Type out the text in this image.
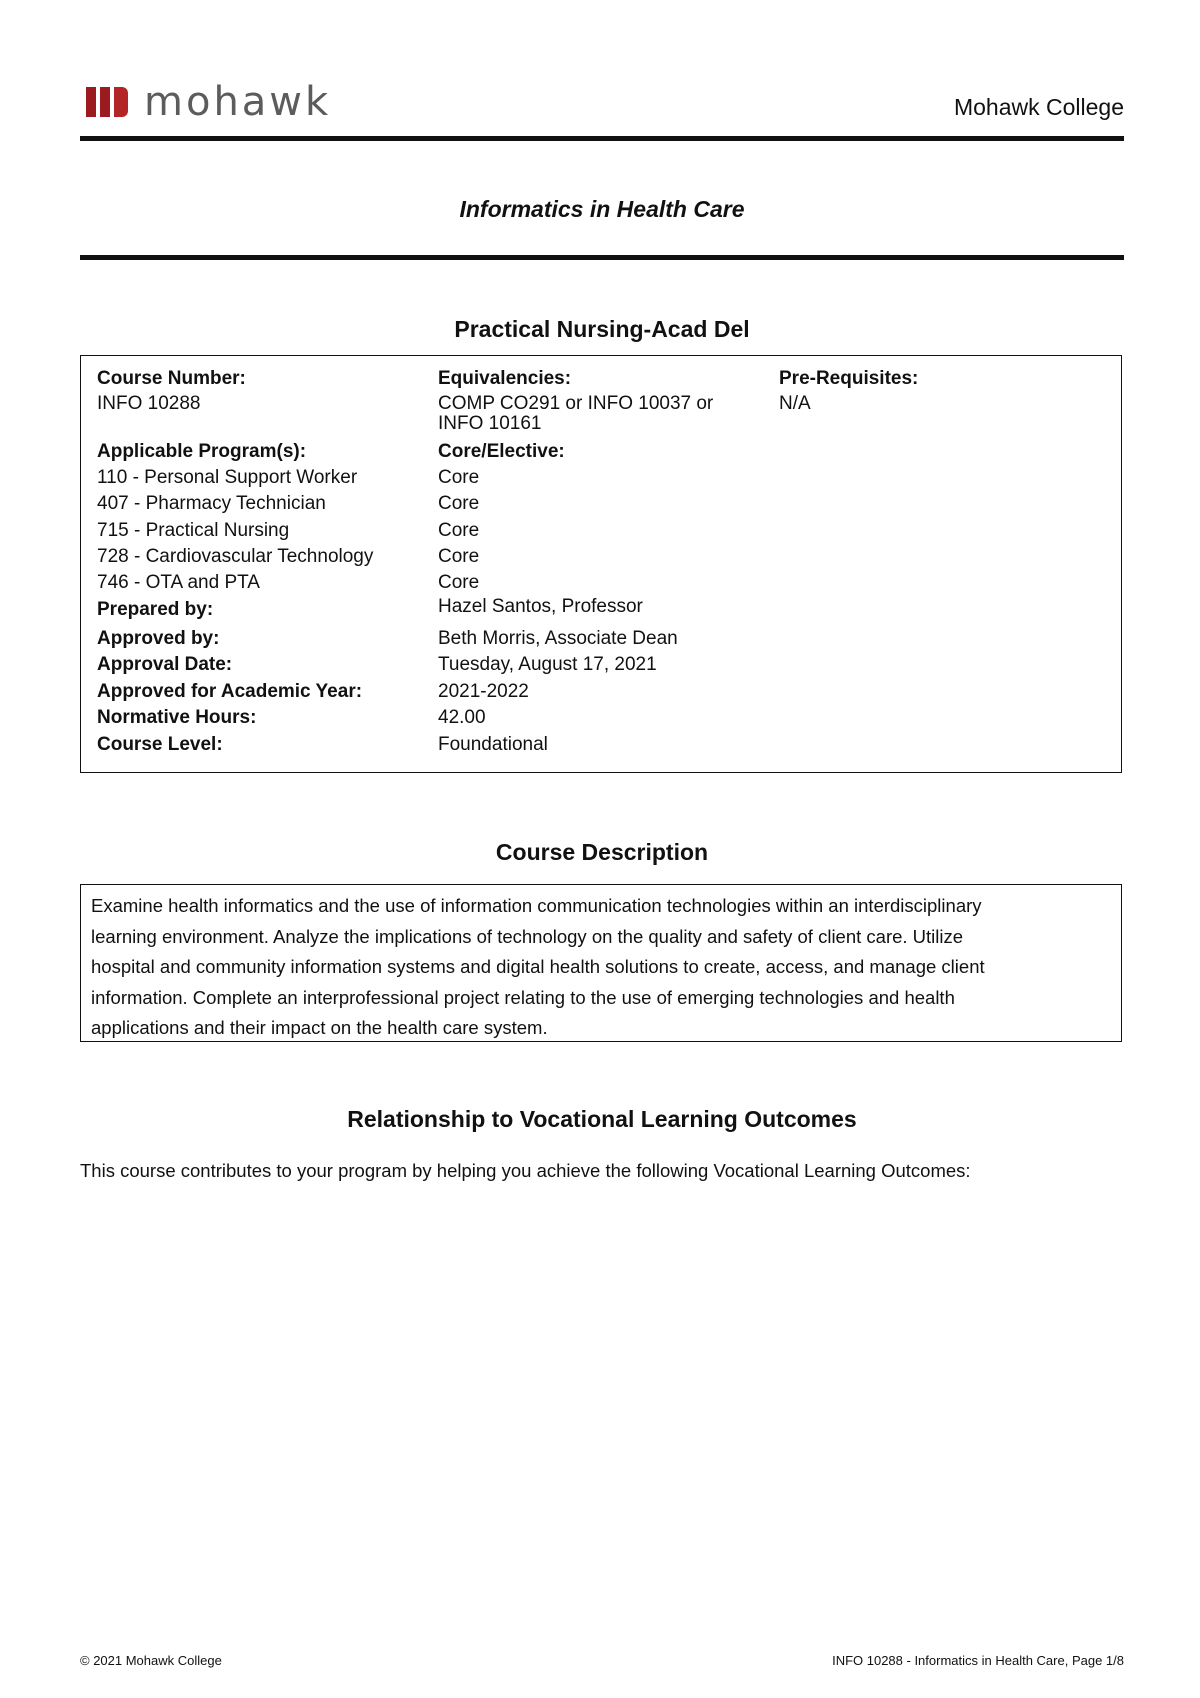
mohawk	Mohawk College
Informatics in Health Care
Practical Nursing-Acad Del
Course Number:
INFO 10288
Equivalencies:
COMP CO291 or INFO 10037 or
INFO 10161
Pre-Requisites:
N/A
Applicable Program(s):	Core/Elective:
110 - Personal Support Worker	Core
407 - Pharmacy Technician	Core
715 - Practical Nursing	Core
728 - Cardiovascular Technology	Core
746 - OTA and PTA	Core
Prepared by:	Hazel Santos, Professor
Approved by:	Beth Morris, Associate Dean
Approval Date:	Tuesday, August 17, 2021
Approved for Academic Year:	2021-2022
Normative Hours:	42.00
Course Level:	Foundational
Course Description
Examine health informatics and the use of information communication technologies within an interdisciplinary
learning environment. Analyze the implications of technology on the quality and safety of client care. Utilize
hospital and community information systems and digital health solutions to create, access, and manage client
information. Complete an interprofessional project relating to the use of emerging technologies and health
applications and their impact on the health care system.
Relationship to Vocational Learning Outcomes
This course contributes to your program by helping you achieve the following Vocational Learning Outcomes:
© 2021 Mohawk College	INFO 10288 - Informatics in Health Care, Page 1/8
